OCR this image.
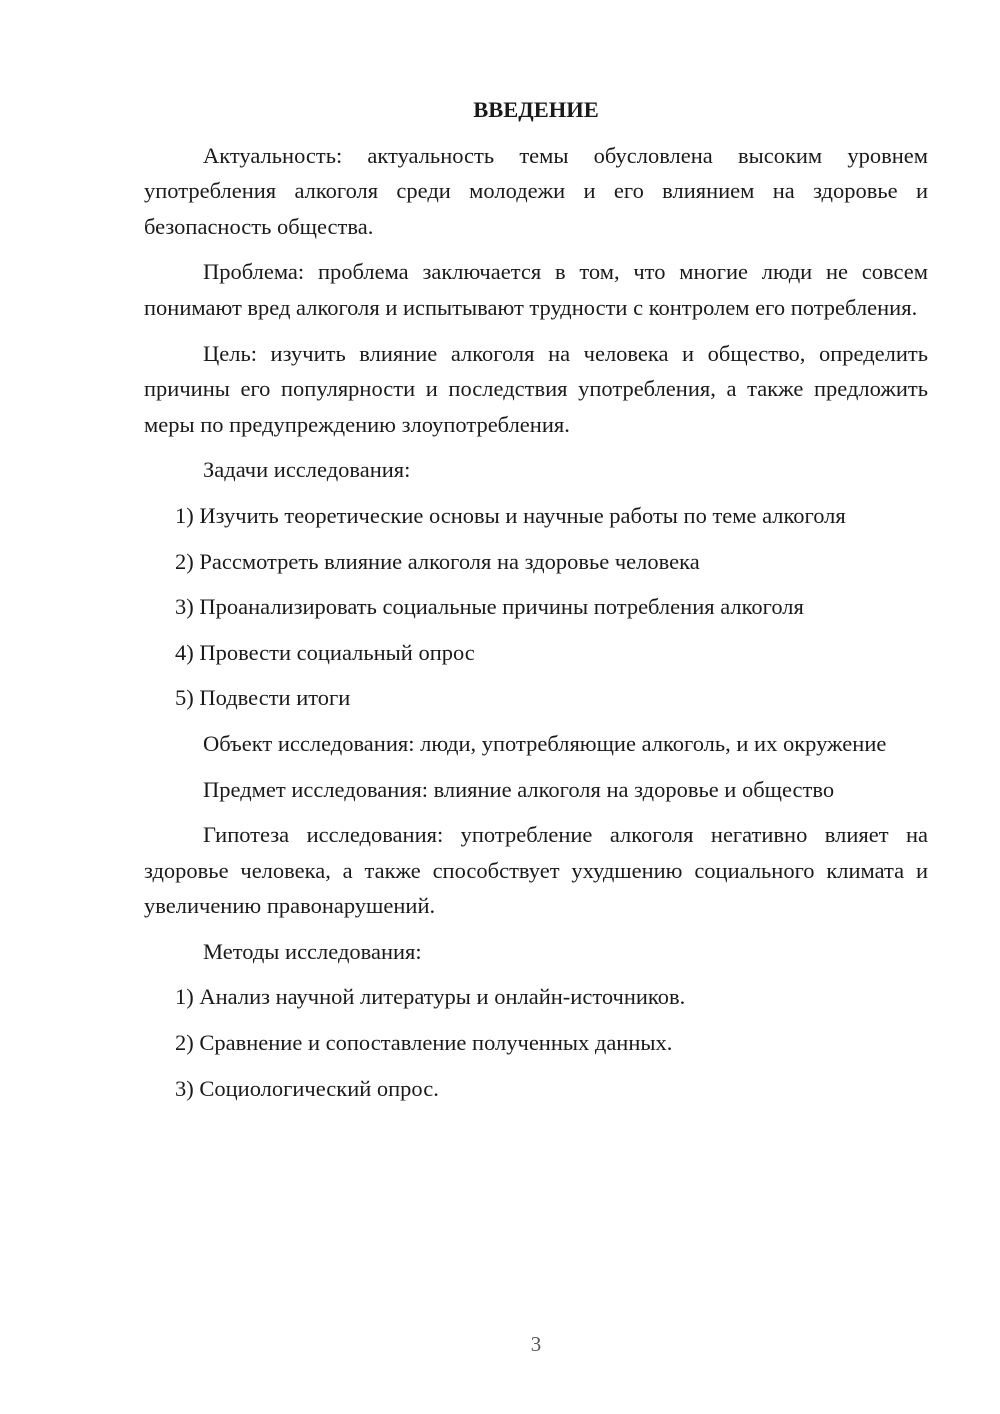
ВВЕДЕНИЕ
Актуальность: актуальность темы обусловлена высоким уровнем употребления алкоголя среди молодежи и его влиянием на здоровье и безопасность общества.
Проблема: проблема заключается в том, что многие люди не совсем понимают вред алкоголя и испытывают трудности с контролем его потребления.
Цель: изучить влияние алкоголя на человека и общество, определить причины его популярности и последствия употребления, а также предложить меры по предупреждению злоупотребления.
Задачи исследования:
1) Изучить теоретические основы и научные работы по теме алкоголя
2) Рассмотреть влияние алкоголя на здоровье человека
3) Проанализировать социальные причины потребления алкоголя
4) Провести социальный опрос
5) Подвести итоги
Объект исследования: люди, употребляющие алкоголь, и их окружение
Предмет исследования: влияние алкоголя на здоровье и общество
Гипотеза исследования: употребление алкоголя негативно влияет на здоровье человека, а также способствует ухудшению социального климата и увеличению правонарушений.
Методы исследования:
1) Анализ научной литературы и онлайн-источников.
2) Сравнение и сопоставление полученных данных.
3) Социологический опрос.
3
